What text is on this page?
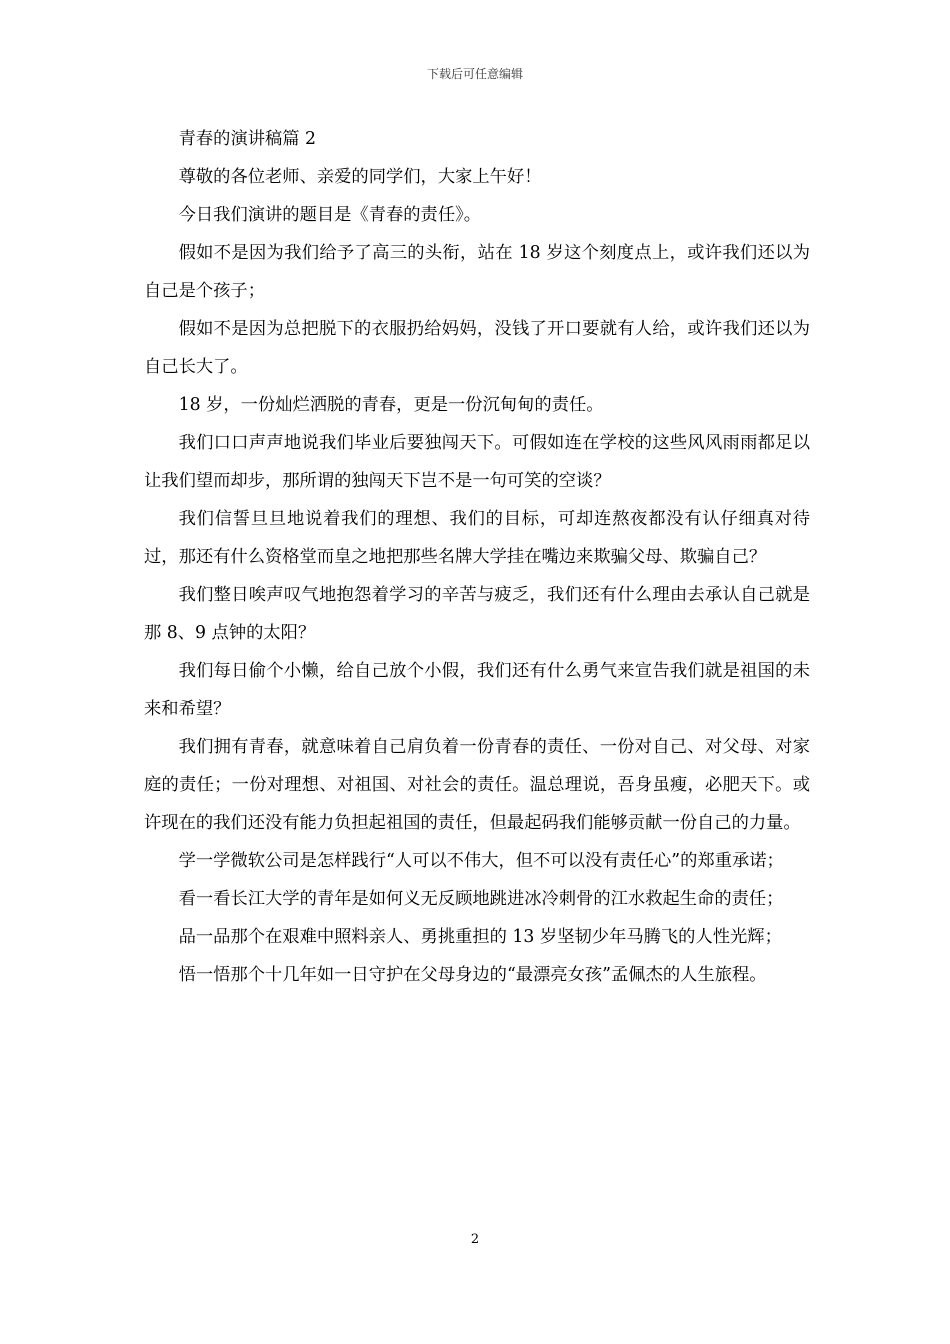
下载后可任意编辑

青春的演讲稿篇 2

尊敬的各位老师、亲爱的同学们，大家上午好！

今日我们演讲的题目是《青春的责任》。

假如不是因为我们给予了高三的头衔，站在 18 岁这个刻度点上，或许我们还以为自己是个孩子；

假如不是因为总把脱下的衣服扔给妈妈，没钱了开口要就有人给，或许我们还以为自己长大了。

18 岁，一份灿烂洒脱的青春，更是一份沉甸甸的责任。

我们口口声声地说我们毕业后要独闯天下。可假如连在学校的这些风风雨雨都足以让我们望而却步，那所谓的独闯天下岂不是一句可笑的空谈？

我们信誓旦旦地说着我们的理想、我们的目标，可却连熬夜都没有认仔细真对待过，那还有什么资格堂而皇之地把那些名牌大学挂在嘴边来欺骗父母、欺骗自己？

我们整日唉声叹气地抱怨着学习的辛苦与疲乏，我们还有什么理由去承认自己就是那 8、9 点钟的太阳？

我们每日偷个小懒，给自己放个小假，我们还有什么勇气来宣告我们就是祖国的未来和希望？

我们拥有青春，就意味着自己肩负着一份青春的责任、一份对自己、对父母、对家庭的责任；一份对理想、对祖国、对社会的责任。温总理说，吾身虽瘦，必肥天下。或许现在的我们还没有能力负担起祖国的责任，但最起码我们能够贡献一份自己的力量。

学一学微软公司是怎样践行“人可以不伟大，但不可以没有责任心”的郑重承诺；

看一看长江大学的青年是如何义无反顾地跳进冰冷刺骨的江水救起生命的责任；

品一品那个在艰难中照料亲人、勇挑重担的 13 岁坚韧少年马腾飞的人性光辉；

悟一悟那个十几年如一日守护在父母身边的“最漂亮女孩”孟佩杰的人生旅程。

2
